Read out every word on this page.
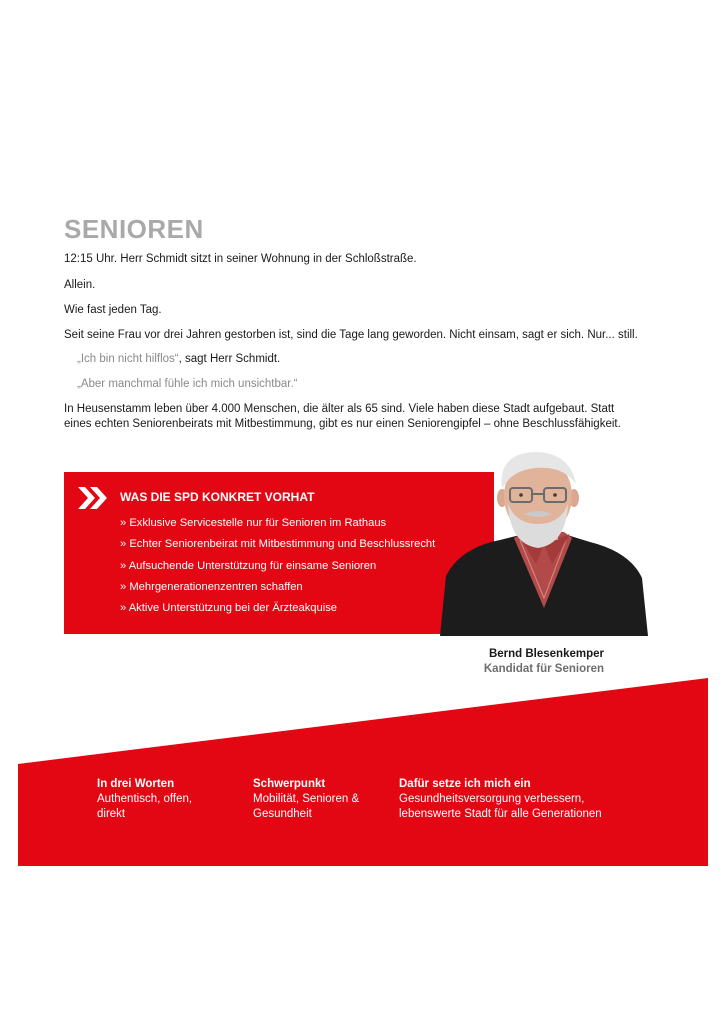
SENIOREN

12:15 Uhr. Herr Schmidt sitzt in seiner Wohnung in der Schloßstraße.

Allein.

Wie fast jeden Tag.

Seit seine Frau vor drei Jahren gestorben ist, sind die Tage lang geworden. Nicht einsam, sagt er sich. Nur... still.

„Ich bin nicht hilflos“, sagt Herr Schmidt.

„Aber manchmal fühle ich mich unsichtbar.“

In Heusenstamm leben über 4.000 Menschen, die älter als 65 sind. Viele haben diese Stadt aufgebaut. Statt

eines echten Seniorenbeirats mit Mitbestimmung, gibt es nur einen Seniorengipfel – ohne Beschlussfähigkeit.

WAS DIE SPD KONKRET VORHAT
» Exklusive Servicestelle nur für Senioren im Rathaus
» Echter Seniorenbeirat mit Mitbestimmung und Beschlussrecht
» Aufsuchende Unterstützung für einsame Senioren
» Mehrgenerationenzentren schaffen
» Aktive Unterstützung bei der Ärzteakquise
Bernd Blesenkemper
Kandidat für Senioren
In drei Worten
Authentisch, offen,
direkt
Schwerpunkt
Mobilität, Senioren &
Gesundheit
Dafür setze ich mich ein
Gesundheitsversorgung verbessern,
lebenswerte Stadt für alle Generationen
